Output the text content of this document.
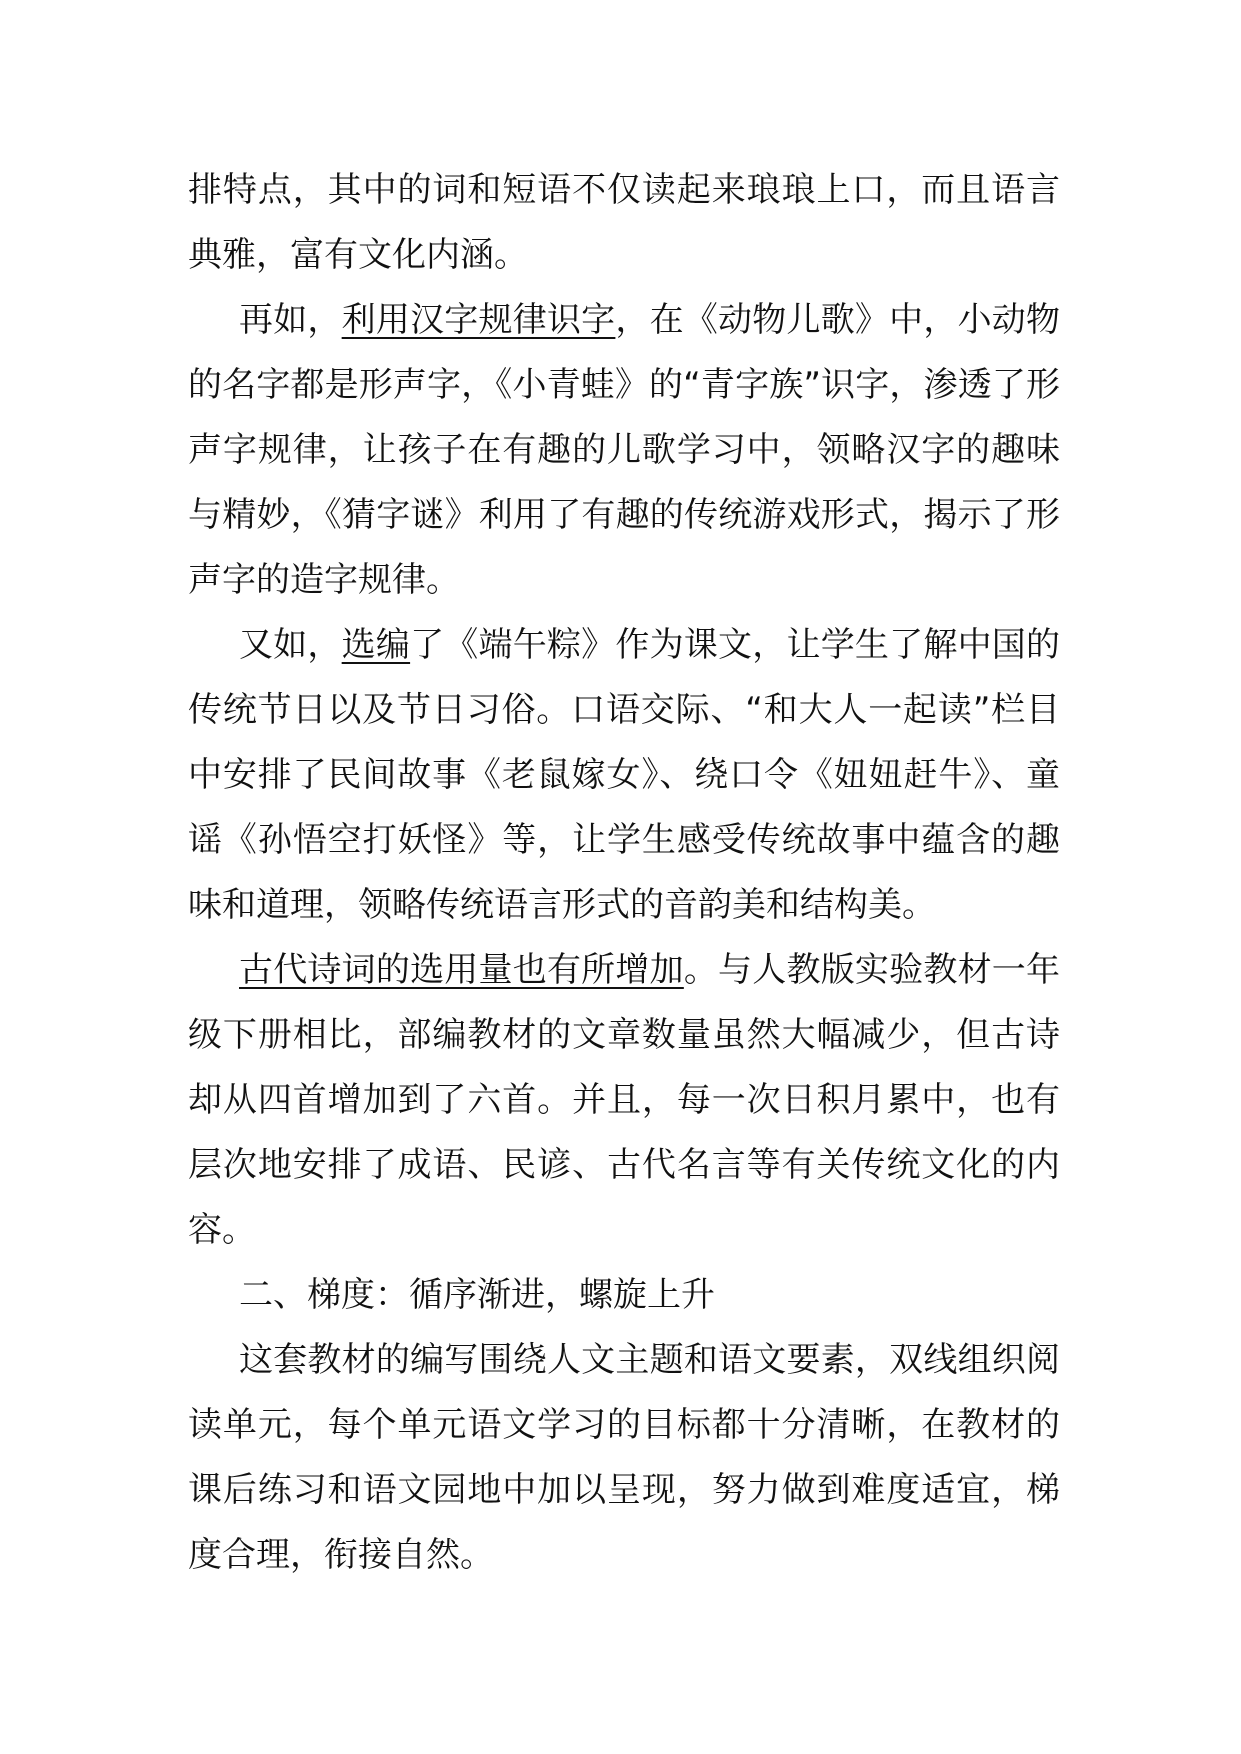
排特点，其中的词和短语不仅读起来琅琅上口，而且语言典雅，富有文化内涵。

再如，利用汉字规律识字，在《动物儿歌》中，小动物的名字都是形声字，《小青蛙》的“青字族”识字，渗透了形声字规律，让孩子在有趣的儿歌学习中，领略汉字的趣味与精妙，《猜字谜》利用了有趣的传统游戏形式，揭示了形声字的造字规律。

又如，选编了《端午粽》作为课文，让学生了解中国的传统节日以及节日习俗。口语交际、“和大人一起读”栏目中安排了民间故事《老鼠嫁女》、绕口令《妞妞赶牛》、童谣《孙悟空打妖怪》等，让学生感受传统故事中蕴含的趣味和道理，领略传统语言形式的音韵美和结构美。

古代诗词的选用量也有所增加。与人教版实验教材一年级下册相比，部编教材的文章数量虽然大幅减少，但古诗却从四首增加到了六首。并且，每一次日积月累中，也有层次地安排了成语、民谚、古代名言等有关传统文化的内容。

二、梯度：循序渐进，螺旋上升

这套教材的编写围绕人文主题和语文要素，双线组织阅读单元，每个单元语文学习的目标都十分清晰，在教材的课后练习和语文园地中加以呈现，努力做到难度适宜，梯度合理，衔接自然。
